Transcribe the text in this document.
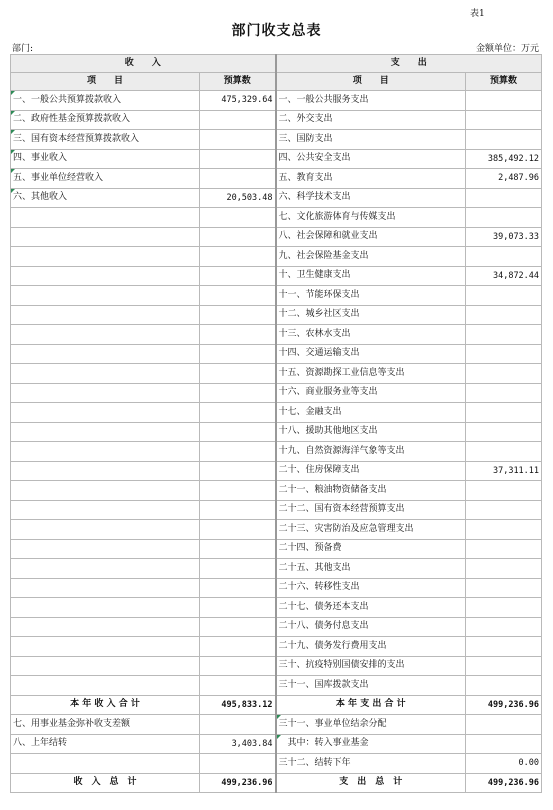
表1
部门收支总表
部门:	金额单位：万元
收　　入		支　　出	
项　　目	预算数	项　　目	预算数
一、一般公共预算拨款收入	475,329.64	一、一般公共服务支出	
二、政府性基金预算拨款收入		二、外交支出	
三、国有资本经营预算拨款收入		三、国防支出	
四、事业收入		四、公共安全支出	385,492.12
五、事业单位经营收入		五、教育支出	2,487.96
六、其他收入	20,503.48	六、科学技术支出	
		七、文化旅游体育与传媒支出	
		八、社会保障和就业支出	39,073.33
		九、社会保险基金支出	
		十、卫生健康支出	34,872.44
		十一、节能环保支出	
		十二、城乡社区支出	
		十三、农林水支出	
		十四、交通运输支出	
		十五、资源勘探工业信息等支出	
		十六、商业服务业等支出	
		十七、金融支出	
		十八、援助其他地区支出	
		十九、自然资源海洋气象等支出	
		二十、住房保障支出	37,311.11
		二十一、粮油物资储备支出	
		二十二、国有资本经营预算支出	
		二十三、灾害防治及应急管理支出	
		二十四、预备费	
		二十五、其他支出	
		二十六、转移性支出	
		二十七、债务还本支出	
		二十八、债务付息支出	
		二十九、债务发行费用支出	
		三十、抗疫特别国债安排的支出	
		三十一、国库拨款支出	
本 年 收 入 合 计	495,833.12	本 年 支 出 合 计	499,236.96
七、用事业基金弥补收支差额		三十一、事业单位结余分配	
八、上年结转	3,403.84	　其中：转入事业基金	
		三十二、结转下年	0.00
收　入　总　计	499,236.96	支　出　总　计	499,236.96
